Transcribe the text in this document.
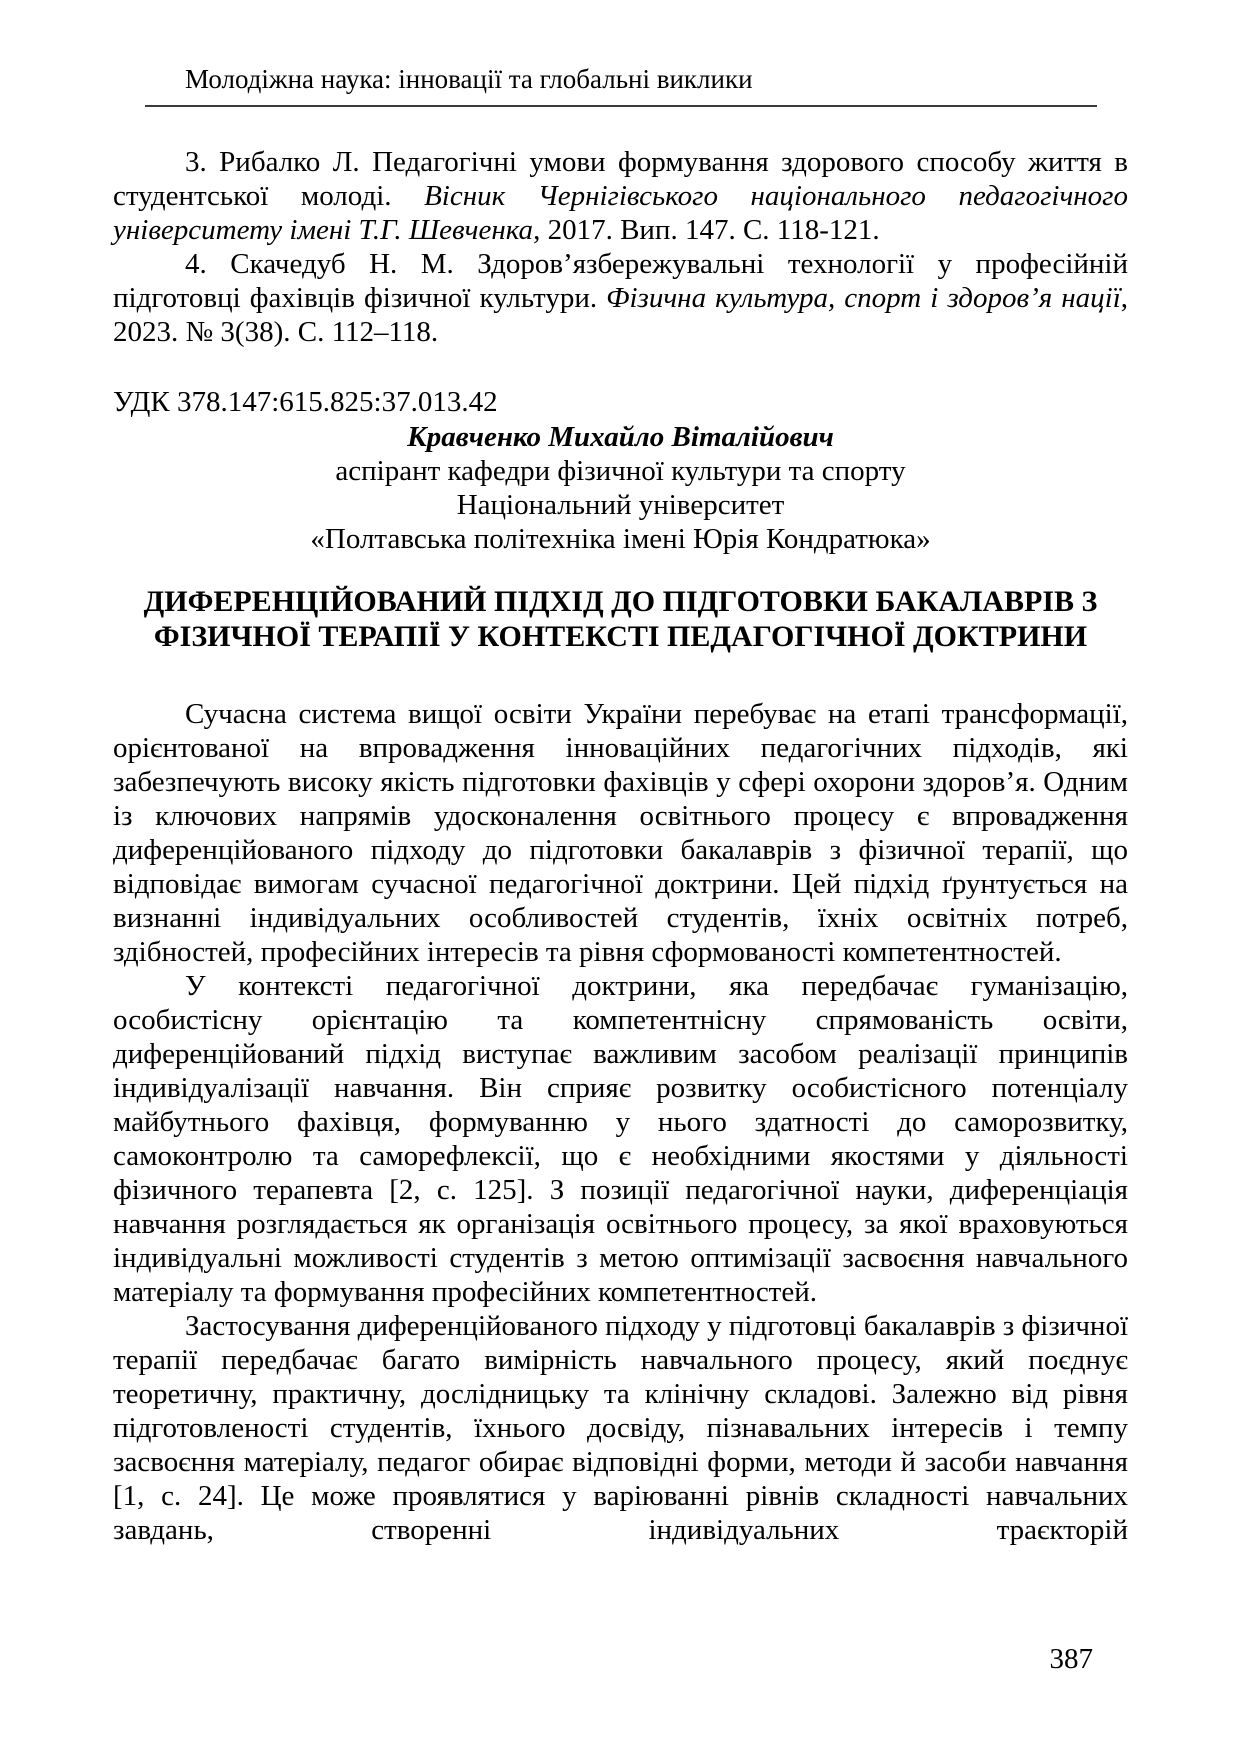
Молодіжна наука: інновації та глобальні виклики

3. Рибалко Л. Педагогічні умови формування здорового способу життя в студентської молоді. Вісник Чернігівського національного педагогічного університету імені Т.Г. Шевченка, 2017. Вип. 147. С. 118-121.

4. Скачедуб Н. М. Здоров’язбережувальні технології у професійній підготовці фахівців фізичної культури. Фізична культура, спорт і здоров’я нації, 2023. № 3(38). С. 112–118.

УДК 378.147:615.825:37.013.42
Кравченко Михайло Віталійович
аспірант кафедри фізичної культури та спорту
Національний університет
«Полтавська політехніка імені Юрія Кондратюка»
ДИФЕРЕНЦІЙОВАНИЙ ПІДХІД ДО ПІДГОТОВКИ БАКАЛАВРІВ З
ФІЗИЧНОЇ ТЕРАПІЇ У КОНТЕКСТІ ПЕДАГОГІЧНОЇ ДОКТРИНИ

Сучасна система вищої освіти України перебуває на етапі трансформації, орієнтованої на впровадження інноваційних педагогічних підходів, які забезпечують високу якість підготовки фахівців у сфері охорони здоров’я. Одним із ключових напрямів удосконалення освітнього процесу є впровадження диференційованого підходу до підготовки бакалаврів з фізичної терапії, що відповідає вимогам сучасної педагогічної доктрини. Цей підхід ґрунтується на визнанні індивідуальних особливостей студентів, їхніх освітніх потреб, здібностей, професійних інтересів та рівня сформованості компетентностей.

У контексті педагогічної доктрини, яка передбачає гуманізацію, особистісну орієнтацію та компетентнісну спрямованість освіти, диференційований підхід виступає важливим засобом реалізації принципів індивідуалізації навчання. Він сприяє розвитку особистісного потенціалу майбутнього фахівця, формуванню у нього здатності до саморозвитку, самоконтролю та саморефлексії, що є необхідними якостями у діяльності фізичного терапевта [2, с. 125]. З позиції педагогічної науки, диференціація навчання розглядається як організація освітнього процесу, за якої враховуються індивідуальні можливості студентів з метою оптимізації засвоєння навчального матеріалу та формування професійних компетентностей.

Застосування диференційованого підходу у підготовці бакалаврів з фізичної терапії передбачає багато вимірність навчального процесу, який поєднує теоретичну, практичну, дослідницьку та клінічну складові. Залежно від рівня підготовленості студентів, їхнього досвіду, пізнавальних інтересів і темпу засвоєння матеріалу, педагог обирає відповідні форми, методи й засоби навчання [1, с. 24]. Це може проявлятися у варіюванні рівнів складності навчальних завдань, створенні індивідуальних траєкторій

387
